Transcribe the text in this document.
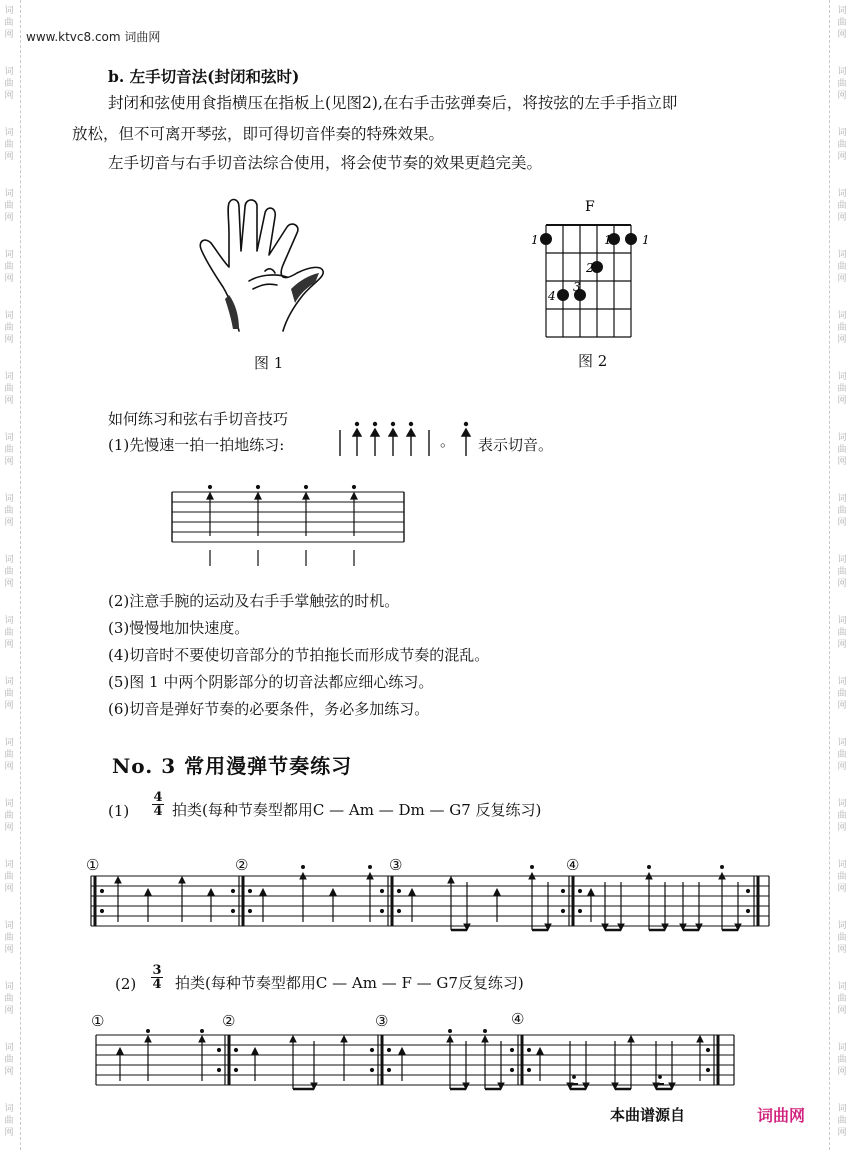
词
曲
网
词
曲
网
词
曲
网
词
曲
网
词
曲
网
词
曲
网
词
曲
网
词
曲
网
词
曲
网
词
曲
网
词
曲
网
词
曲
网
词
曲
网
词
曲
网
词
曲
网
词
曲
网
词
曲
网
词
曲
网
词
曲
网
词
曲
网
词
曲
网
词
曲
网
词
曲
网
词
曲
网
词
曲
网
词
曲
网
词
曲
网
词
曲
网
词
曲
网
词
曲
网
词
曲
网
词
曲
网
词
曲
网
词
曲
网
词
曲
网
词
曲
网
词
曲
网
词
曲
网
www.ktvc8.com 词曲网
b. 左手切音法(封闭和弦时)
封闭和弦使用食指横压在指板上(见图2),在右手击弦弹奏后，将按弦的左手手指立即
放松，但不可离开琴弦，即可得切音伴奏的特殊效果。
左手切音与右手切音法综合使用，将会使节奏的效果更趋完美。
图 1
F
1	1	1
2
3
4
图 2
如何练习和弦右手切音技巧
(1)先慢速一拍一拍地练习:	。 表示切音。
(2)注意手腕的运动及右手手掌触弦的时机。
(3)慢慢地加快速度。
(4)切音时不要使切音部分的节拍拖长而形成节奏的混乱。
(5)图 1 中两个阴影部分的切音法都应细心练习。
(6)切音是弹好节奏的必要条件，务必多加练习。
No. 3 常用漫弹节奏练习
$(1) \frac{4}{4}$ 拍类(每种节奏型都用C — Am — Dm — G7 反复练习)
①	②	③	④
$(2) \frac{3}{4}$ 拍类(每种节奏型都用C — Am — F — G7反复练习)
①	②	③	④
本曲谱源自	词曲网
